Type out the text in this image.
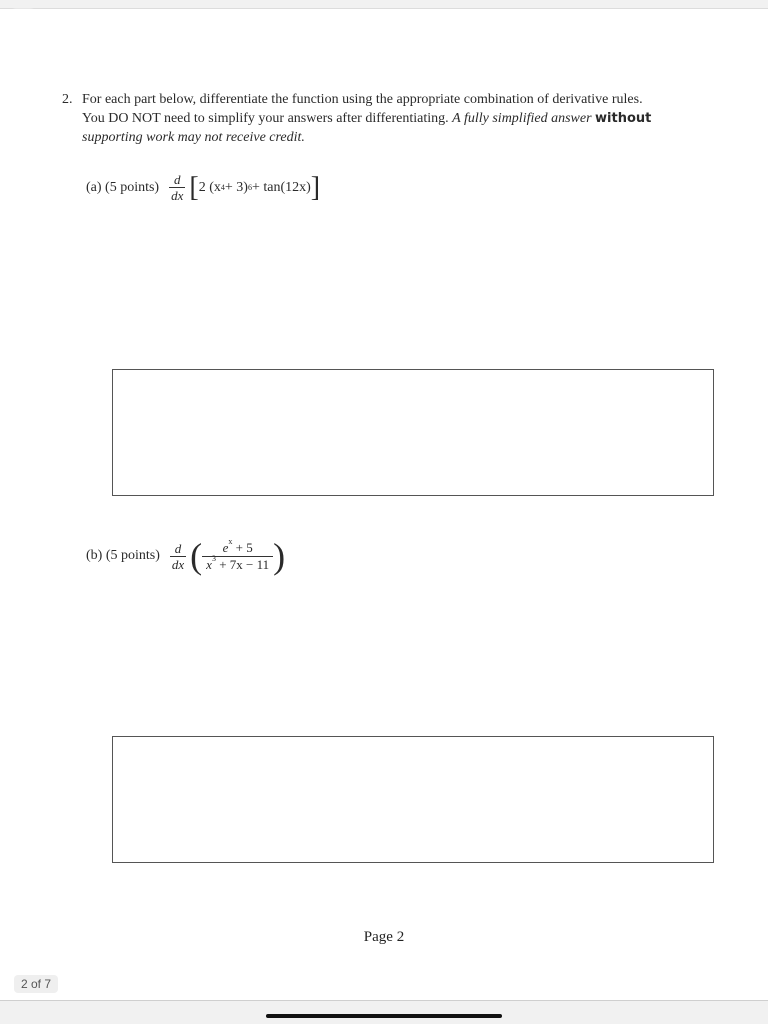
2. For each part below, differentiate the function using the appropriate combination of derivative rules.
You DO NOT need to simplify your answers after differentiating. A fully simplified answer without
supporting work may not receive credit.
(a) (5 points) $\frac{d}{dx}$ [ 2 (x 4 + 3) 6 + tan(12x) ]
(b) (5 points) $\frac{d}{dx}$ ( $\frac{e^x + 5}{x^3 + 7x - 11}$ )
Page 2
2 of 7
